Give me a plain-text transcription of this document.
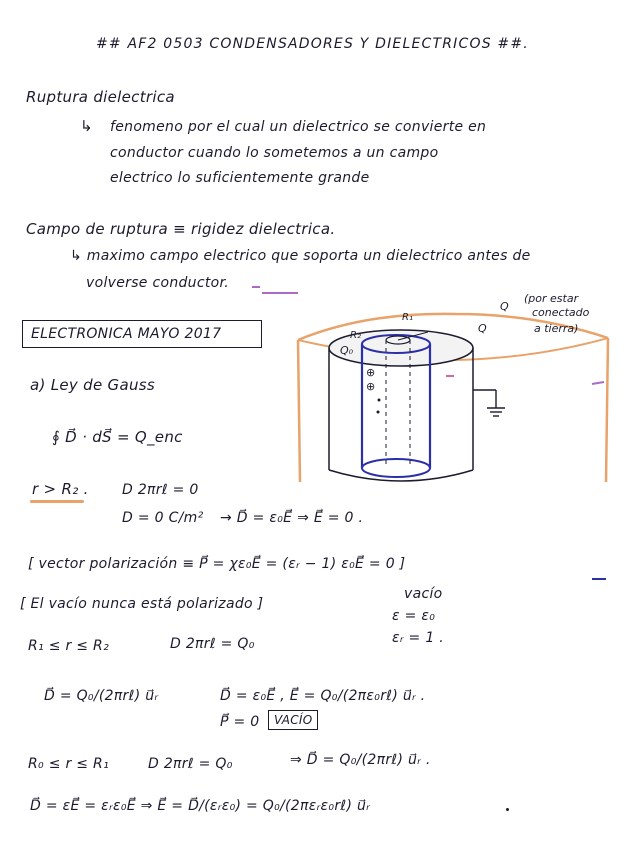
## AF2 0503 CONDENSADORES Y DIELECTRICOS ##.
Ruptura dielectrica
↳ fenomeno por el cual un dielectrico se convierte en
conductor cuando lo sometemos a un campo
electrico lo suficientemente grande
Campo de ruptura ≡ rigidez dielectrica.
↳ maximo campo electrico que soporta un dielectrico antes de
volverse conductor.
ELECTRONICA MAYO 2017
⊕
⊕
R₁
R₂
Q₀
Q
Q
(por estar
conectado
a tierra)
a) Ley de Gauss
∮ D⃗ · dS⃗ = Q_enc
r > R₂ . D 2πrℓ = 0
D = 0 C/m² → D⃗ = ε₀E⃗ ⇒ E⃗ = 0 .
[ vector polarización ≡ P⃗ = χε₀E⃗ = (εᵣ − 1) ε₀E⃗ = 0 ]
[ El vacío nunca está polarizado ]
vacío
ε = ε₀
εᵣ = 1 .
R₁ ≤ r ≤ R₂	D 2πrℓ = Q₀
D⃗ = Q₀/(2πrℓ) u⃗ᵣ	D⃗ = ε₀E⃗ , E⃗ = Q₀/(2πε₀rℓ) u⃗ᵣ .
P⃗ = 0	VACÍO
R₀ ≤ r ≤ R₁	D 2πrℓ = Q₀	⇒ D⃗ = Q₀/(2πrℓ) u⃗ᵣ .
D⃗ = εE⃗ = εᵣε₀E⃗ ⇒ E⃗ = D⃗/(εᵣε₀) = Q₀/(2πεᵣε₀rℓ) u⃗ᵣ
